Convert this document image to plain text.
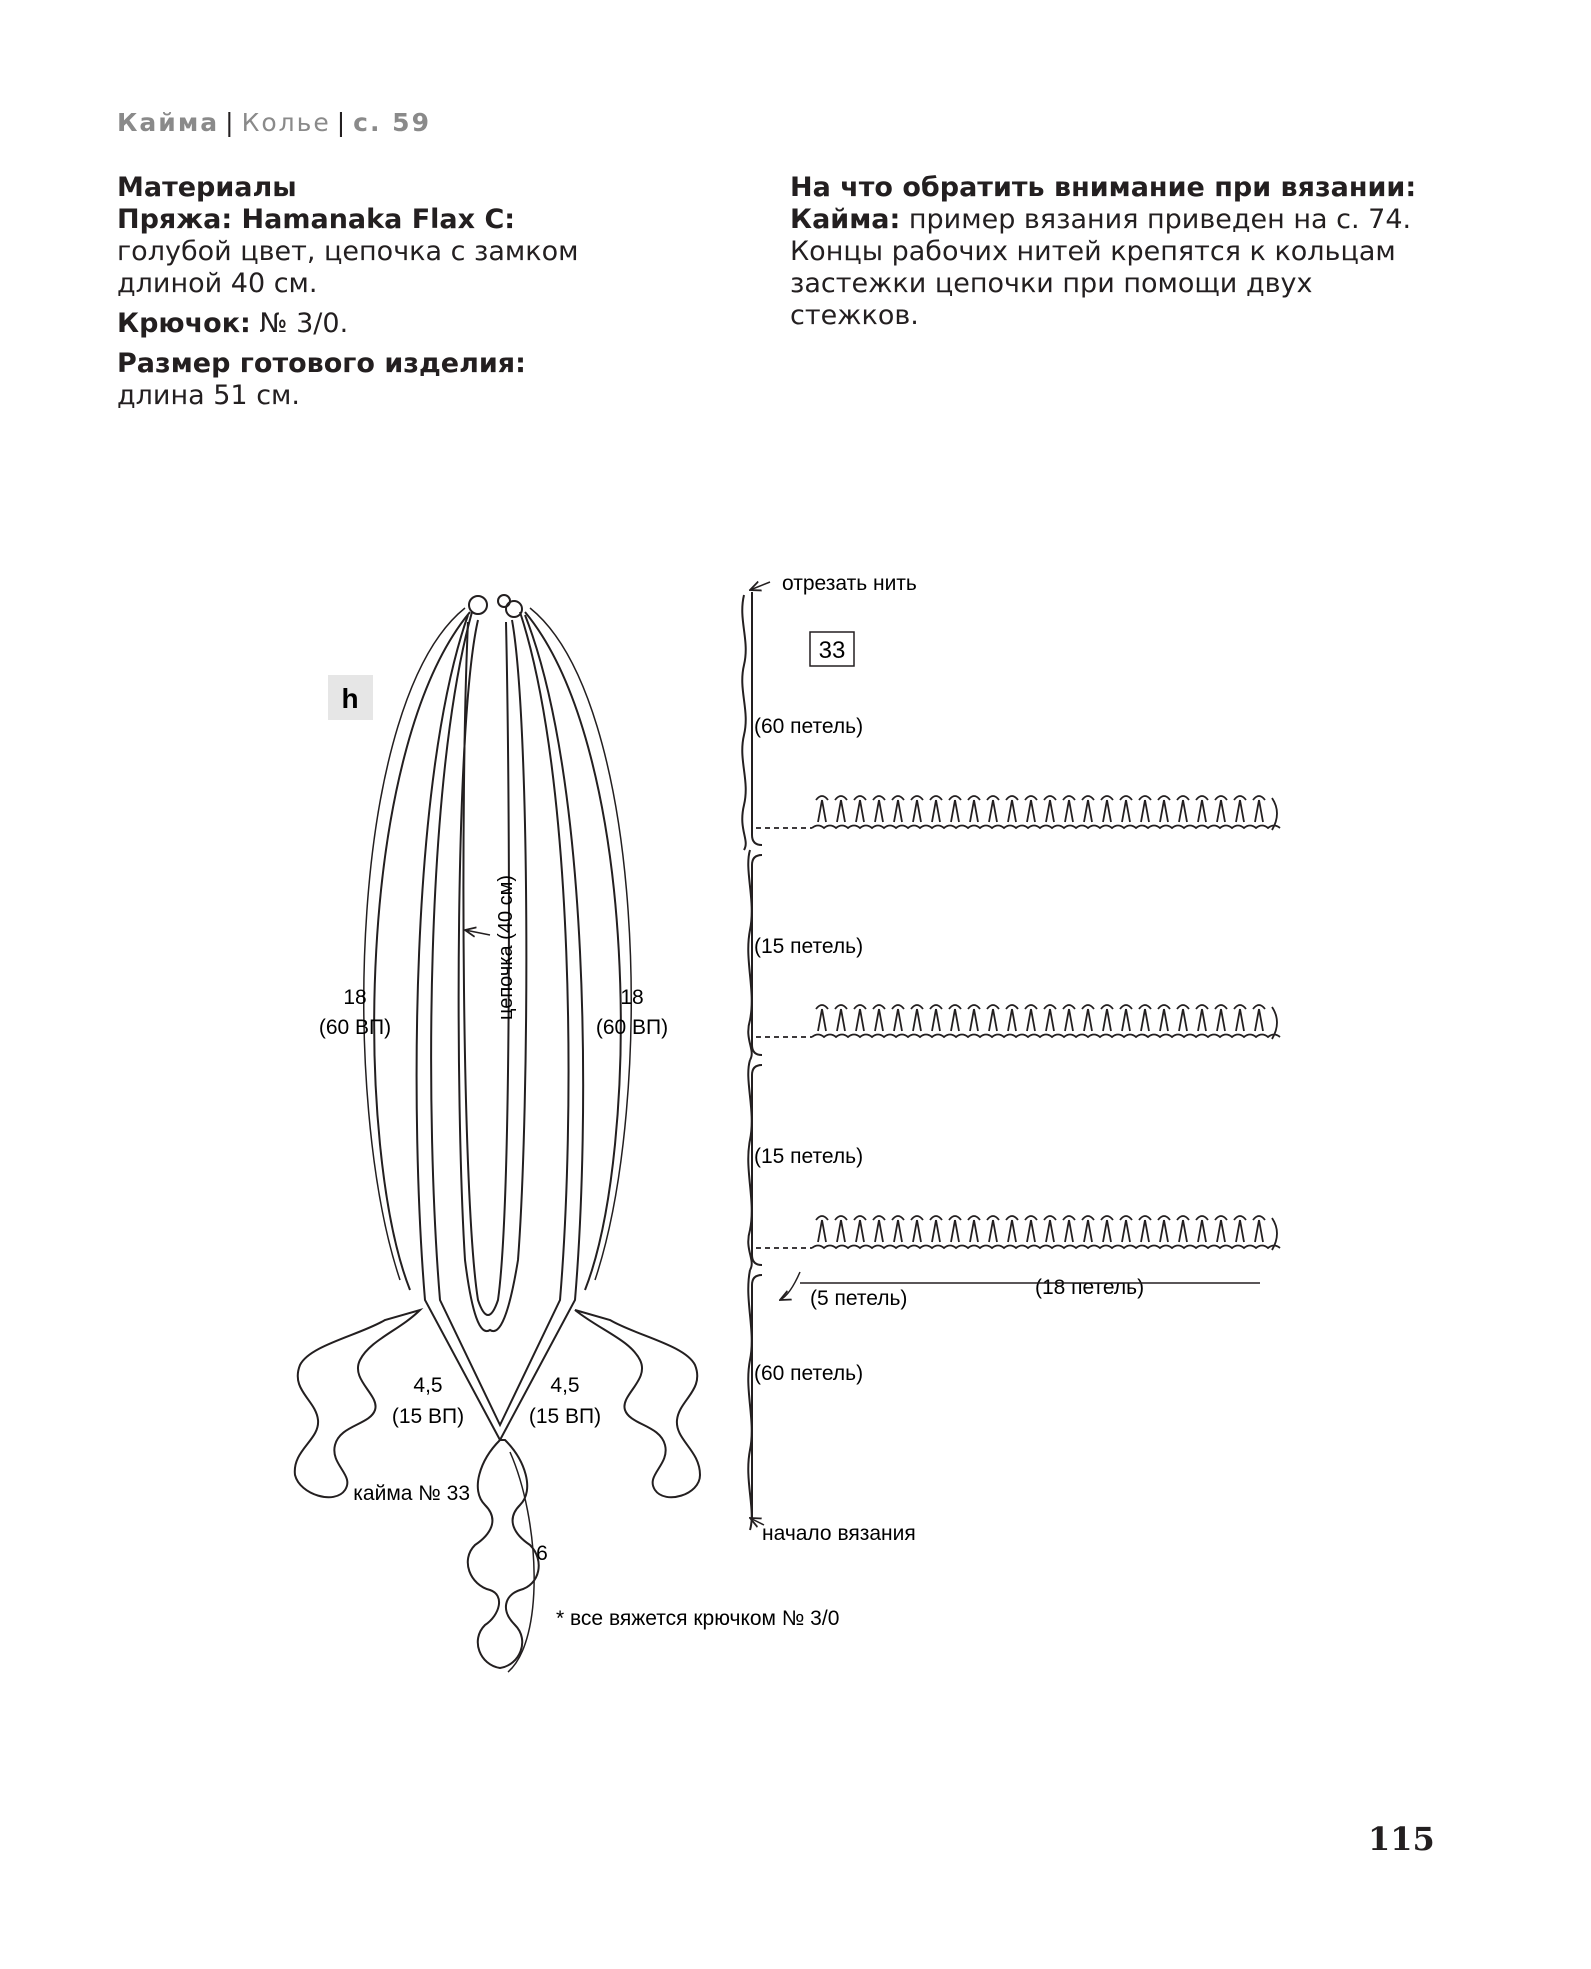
Кайма | Колье | с. 59
Материалы
Пряжа: Hamanaka Flax C:
голубой цвет, цепочка с замком длиной 40 см.
Крючок: № 3/0.
Размер готового изделия:
длина 51 см.
На что обратить внимание при вязании:
Кайма: пример вязания приведен на с. 74.
Концы рабочих нитей крепятся к кольцам застежки цепочки при помощи двух стежков.
цепочка (40 см)
18
(60 ВП)
18
(60 ВП)
4,5
(15 ВП)
4,5
(15 ВП)
кайма № 33
6
* все вяжется крючком № 3/0
h
отрезать нить
33
(60 петель)
(15 петель)
(15 петель)
(5 петель)	(18 петель)
(60 петель)
начало вязания
115
